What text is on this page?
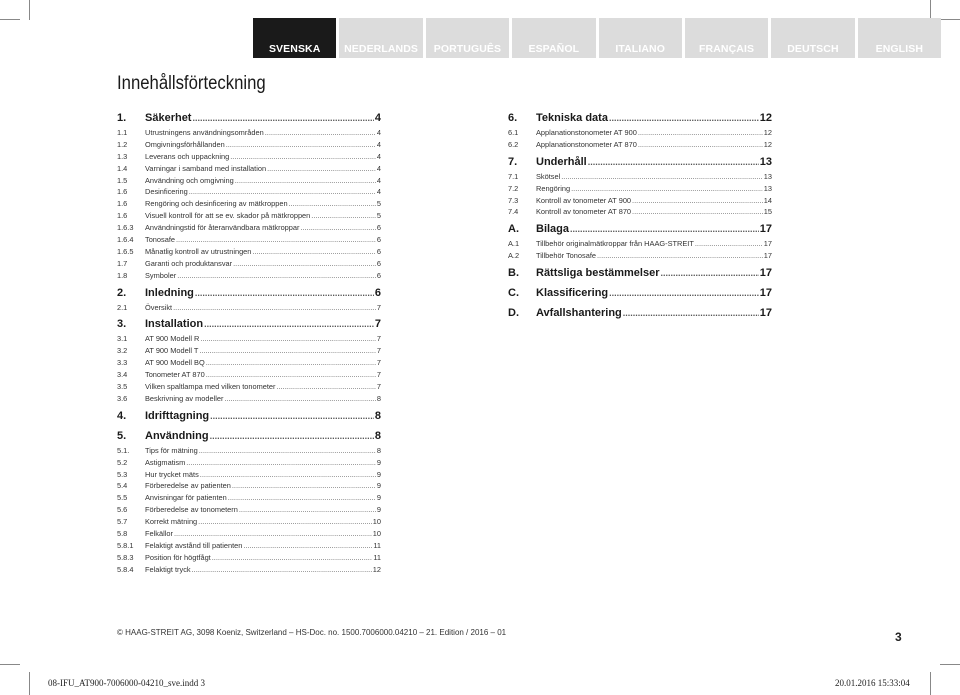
SVENSKA	NEDERLANDS	PORTUGUÊS	ESPAÑOL	ITALIANO	FRANÇAIS	DEUTSCH	ENGLISH
Innehållsförteckning
1.	Säkerhet .....	4
1.1	Utrustningens användningsområden .....	4
1.2	Omgivningsförhållanden .....	4
1.3	Leverans och uppackning .....	4
1.4	Varningar i samband med installation .....	4
1.5	Användning och omgivning .....	4
1.6	Desinficering .....	4
1.6	Rengöring och desinficering av mätkroppen .....	5
1.6	Visuell kontroll för att se ev. skador på mätkroppen .....	5
1.6.3	Användningstid för återanvändbara mätkroppar .....	6
1.6.4	Tonosafe .....	6
1.6.5	Månatlig kontroll av utrustningen .....	6
1.7	Garanti och produktansvar .....	6
1.8	Symboler .....	6
2.	Inledning .....	6
2.1	Översikt .....	7
3.	Installation .....	7
3.1	AT 900 Modell R .....	7
3.2	AT 900 Modell T .....	7
3.3	AT 900 Modell BQ .....	7
3.4	Tonometer AT 870 .....	7
3.5	Vilken spaltlampa med vilken tonometer .....	7
3.6	Beskrivning av modeller .....	8
4.	Idrifttagning .....	8
5.	Användning .....	8
5.1.	Tips för mätning .....	8
5.2	Astigmatism .....	9
5.3	Hur trycket mäts .....	9
5.4	Förberedelse av patienten .....	9
5.5	Anvisningar för patienten .....	9
5.6	Förberedelse av tonometern .....	9
5.7	Korrekt mätning .....	10
5.8	Felkällor .....	10
5.8.1	Felaktigt avstånd till patienten .....	11
5.8.3	Position för högtfågt .....	11
5.8.4	Felaktigt tryck .....	12
6.	Tekniska data .....	12
6.1	Applanationstonometer AT 900 .....	12
6.2	Applanationstonometer AT 870 .....	12
7.	Underhåll .....	13
7.1	Skötsel .....	13
7.2	Rengöring .....	13
7.3	Kontroll av tonometer AT 900 .....	14
7.4	Kontroll av tonometer AT 870 .....	15
A.	Bilaga .....	17
A.1	Tillbehör originalmätkroppar från HAAG-STREIT .....	17
A.2	Tillbehör Tonosafe .....	17
B.	Rättsliga bestämmelser .....	17
C.	Klassificering .....	17
D.	Avfallshantering .....	17
© HAAG-STREIT AG, 3098 Koeniz, Switzerland – HS-Doc. no. 1500.7006000.04210 – 21. Edition / 2016 – 01	3
08-IFU_AT900-7006000-04210_sve.indd 3	20.01.2016 15:33:04
